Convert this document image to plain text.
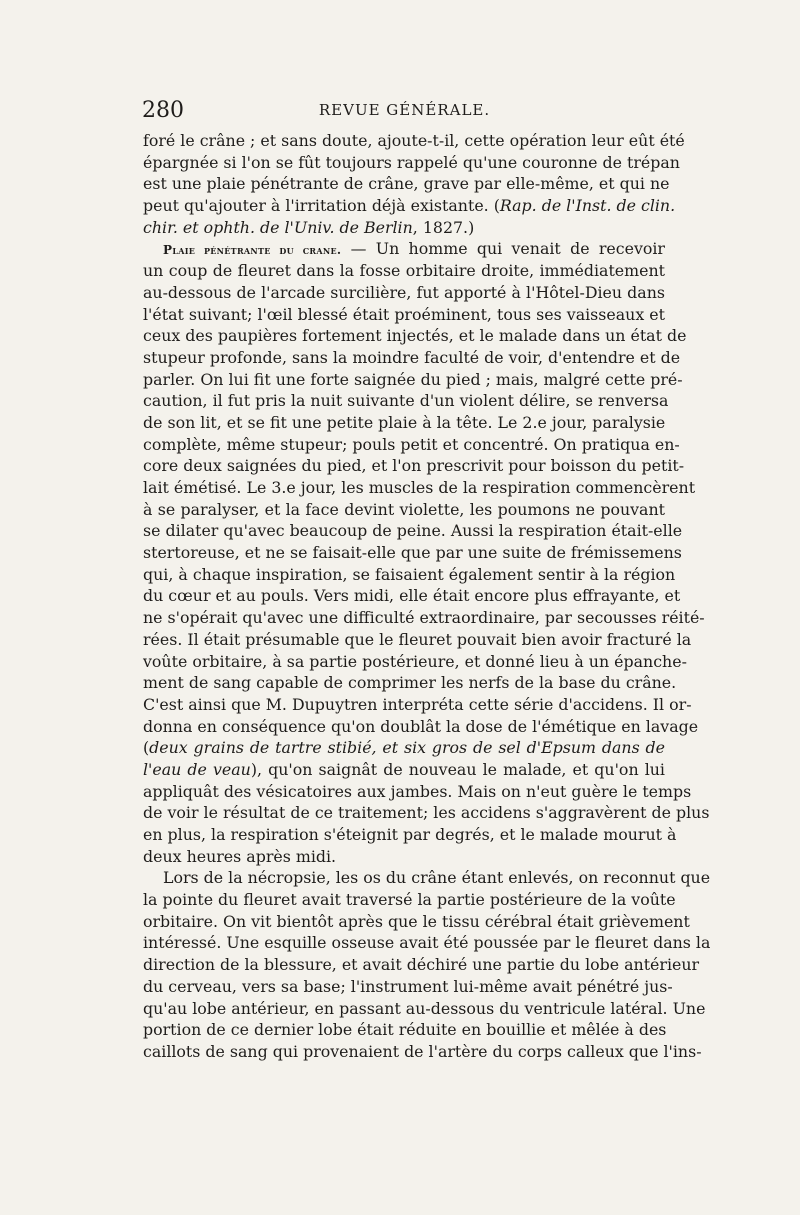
280	REVUE GÉNÉRALE.
foré le crâne ; et sans doute, ajoute-t-il, cette opération leur eût été
épargnée si l'on se fût toujours rappelé qu'une couronne de trépan
est une plaie pénétrante de crâne, grave par elle-même, et qui ne
peut qu'ajouter à l'irritation déjà existante. (Rap. de l'Inst. de clin.
chir. et ophth. de l'Univ. de Berlin, 1827.)
Plaie pénétrante du crane. — Un homme qui venait de recevoir
un coup de fleuret dans la fosse orbitaire droite, immédiatement
au-dessous de l'arcade surcilière, fut apporté à l'Hôtel-Dieu dans
l'état suivant; l'œil blessé était proéminent, tous ses vaisseaux et
ceux des paupières fortement injectés, et le malade dans un état de
stupeur profonde, sans la moindre faculté de voir, d'entendre et de
parler. On lui fit une forte saignée du pied ; mais, malgré cette pré-
caution, il fut pris la nuit suivante d'un violent délire, se renversa
de son lit, et se fit une petite plaie à la tête. Le 2.e jour, paralysie
complète, même stupeur; pouls petit et concentré. On pratiqua en-
core deux saignées du pied, et l'on prescrivit pour boisson du petit-
lait émétisé. Le 3.e jour, les muscles de la respiration commencèrent
à se paralyser, et la face devint violette, les poumons ne pouvant
se dilater qu'avec beaucoup de peine. Aussi la respiration était-elle
stertoreuse, et ne se faisait-elle que par une suite de frémissemens
qui, à chaque inspiration, se faisaient également sentir à la région
du cœur et au pouls. Vers midi, elle était encore plus effrayante, et
ne s'opérait qu'avec une difficulté extraordinaire, par secousses réité-
rées. Il était présumable que le fleuret pouvait bien avoir fracturé la
voûte orbitaire, à sa partie postérieure, et donné lieu à un épanche-
ment de sang capable de comprimer les nerfs de la base du crâne.
C'est ainsi que M. Dupuytren interpréta cette série d'accidens. Il or-
donna en conséquence qu'on doublât la dose de l'émétique en lavage
(deux grains de tartre stibié, et six gros de sel d'Epsum dans de
l'eau de veau), qu'on saignât de nouveau le malade, et qu'on lui
appliquât des vésicatoires aux jambes. Mais on n'eut guère le temps
de voir le résultat de ce traitement; les accidens s'aggravèrent de plus
en plus, la respiration s'éteignit par degrés, et le malade mourut à
deux heures après midi.
Lors de la nécropsie, les os du crâne étant enlevés, on reconnut que
la pointe du fleuret avait traversé la partie postérieure de la voûte
orbitaire. On vit bientôt après que le tissu cérébral était grièvement
intéressé. Une esquille osseuse avait été poussée par le fleuret dans la
direction de la blessure, et avait déchiré une partie du lobe antérieur
du cerveau, vers sa base; l'instrument lui-même avait pénétré jus-
qu'au lobe antérieur, en passant au-dessous du ventricule latéral. Une
portion de ce dernier lobe était réduite en bouillie et mêlée à des
caillots de sang qui provenaient de l'artère du corps calleux que l'ins-
